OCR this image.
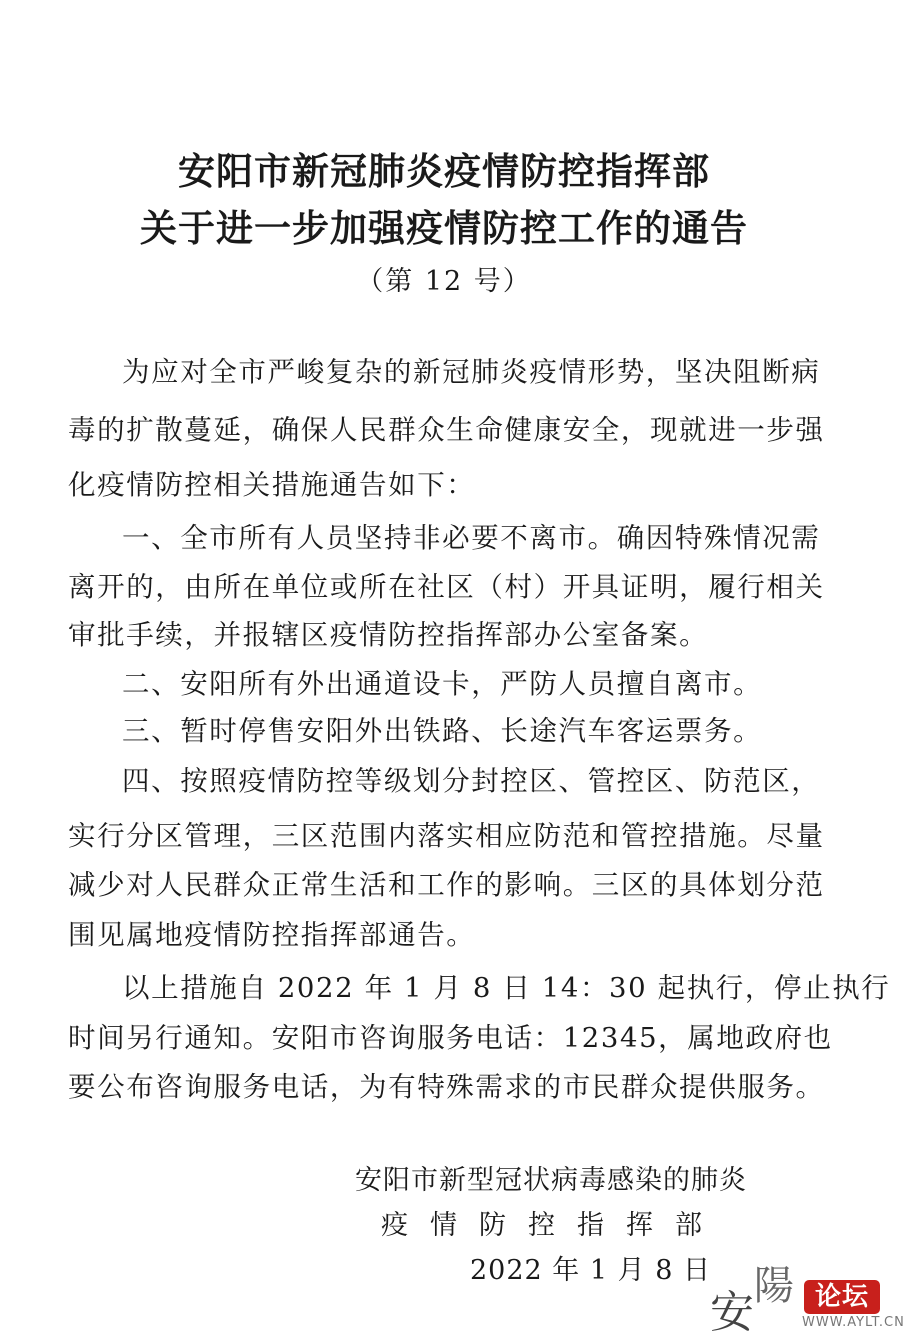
安阳市新冠肺炎疫情防控指挥部
关于进一步加强疫情防控工作的通告
（第 12 号）
为应对全市严峻复杂的新冠肺炎疫情形势，坚决阻断病
毒的扩散蔓延，确保人民群众生命健康安全，现就进一步强
化疫情防控相关措施通告如下：
一、全市所有人员坚持非必要不离市。确因特殊情况需
离开的，由所在单位或所在社区（村）开具证明，履行相关
审批手续，并报辖区疫情防控指挥部办公室备案。
二、安阳所有外出通道设卡，严防人员擅自离市。
三、暂时停售安阳外出铁路、长途汽车客运票务。
四、按照疫情防控等级划分封控区、管控区、防范区，
实行分区管理，三区范围内落实相应防范和管控措施。尽量
减少对人民群众正常生活和工作的影响。三区的具体划分范
围见属地疫情防控指挥部通告。
以上措施自 2022 年 1 月 8 日 14：30 起执行，停止执行
时间另行通知。安阳市咨询服务电话：12345，属地政府也
要公布咨询服务电话，为有特殊需求的市民群众提供服务。
安阳市新型冠状病毒感染的肺炎
疫情防控指挥部
2022 年 1 月 8 日
安
陽 论坛
WWW.AYLT.CN
